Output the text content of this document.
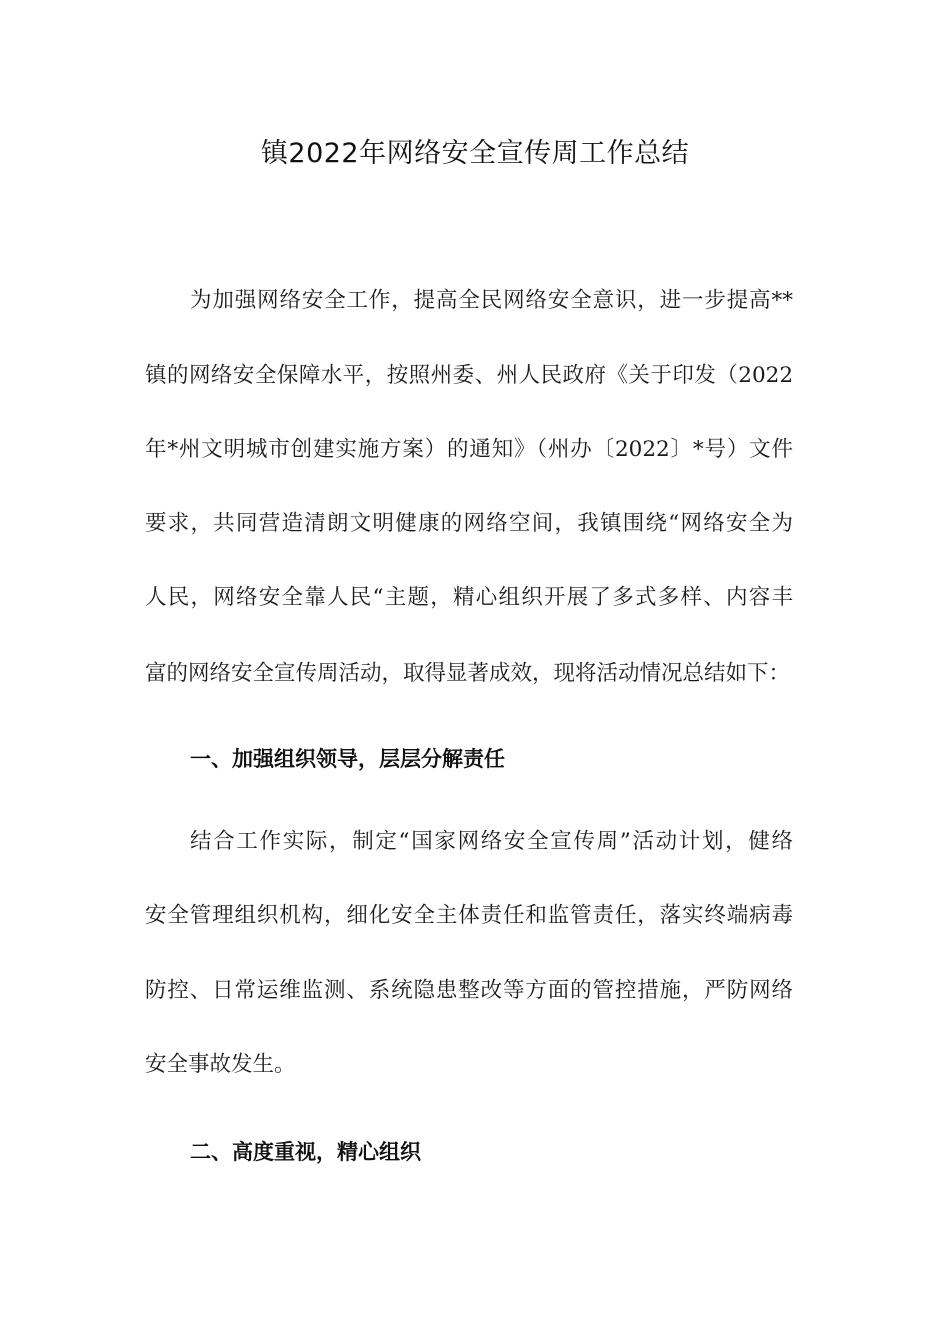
镇2022年网络安全宣传周工作总结
为加强网络安全工作，提高全民网络安全意识，进一步提高**
镇的网络安全保障水平，按照州委、州人民政府《关于印发（2022
年*州文明城市创建实施方案）的通知》（州办〔2022〕*号）文件
要求，共同营造清朗文明健康的网络空间，我镇围绕“网络安全为
人民，网络安全靠人民“主题，精心组织开展了多式多样、内容丰
富的网络安全宣传周活动，取得显著成效，现将活动情况总结如下：
一、加强组织领导，层层分解责任
结合工作实际，制定“国家网络安全宣传周”活动计划，健络
安全管理组织机构，细化安全主体责任和监管责任，落实终端病毒
防控、日常运维监测、系统隐患整改等方面的管控措施，严防网络
安全事故发生。
二、高度重视，精心组织
